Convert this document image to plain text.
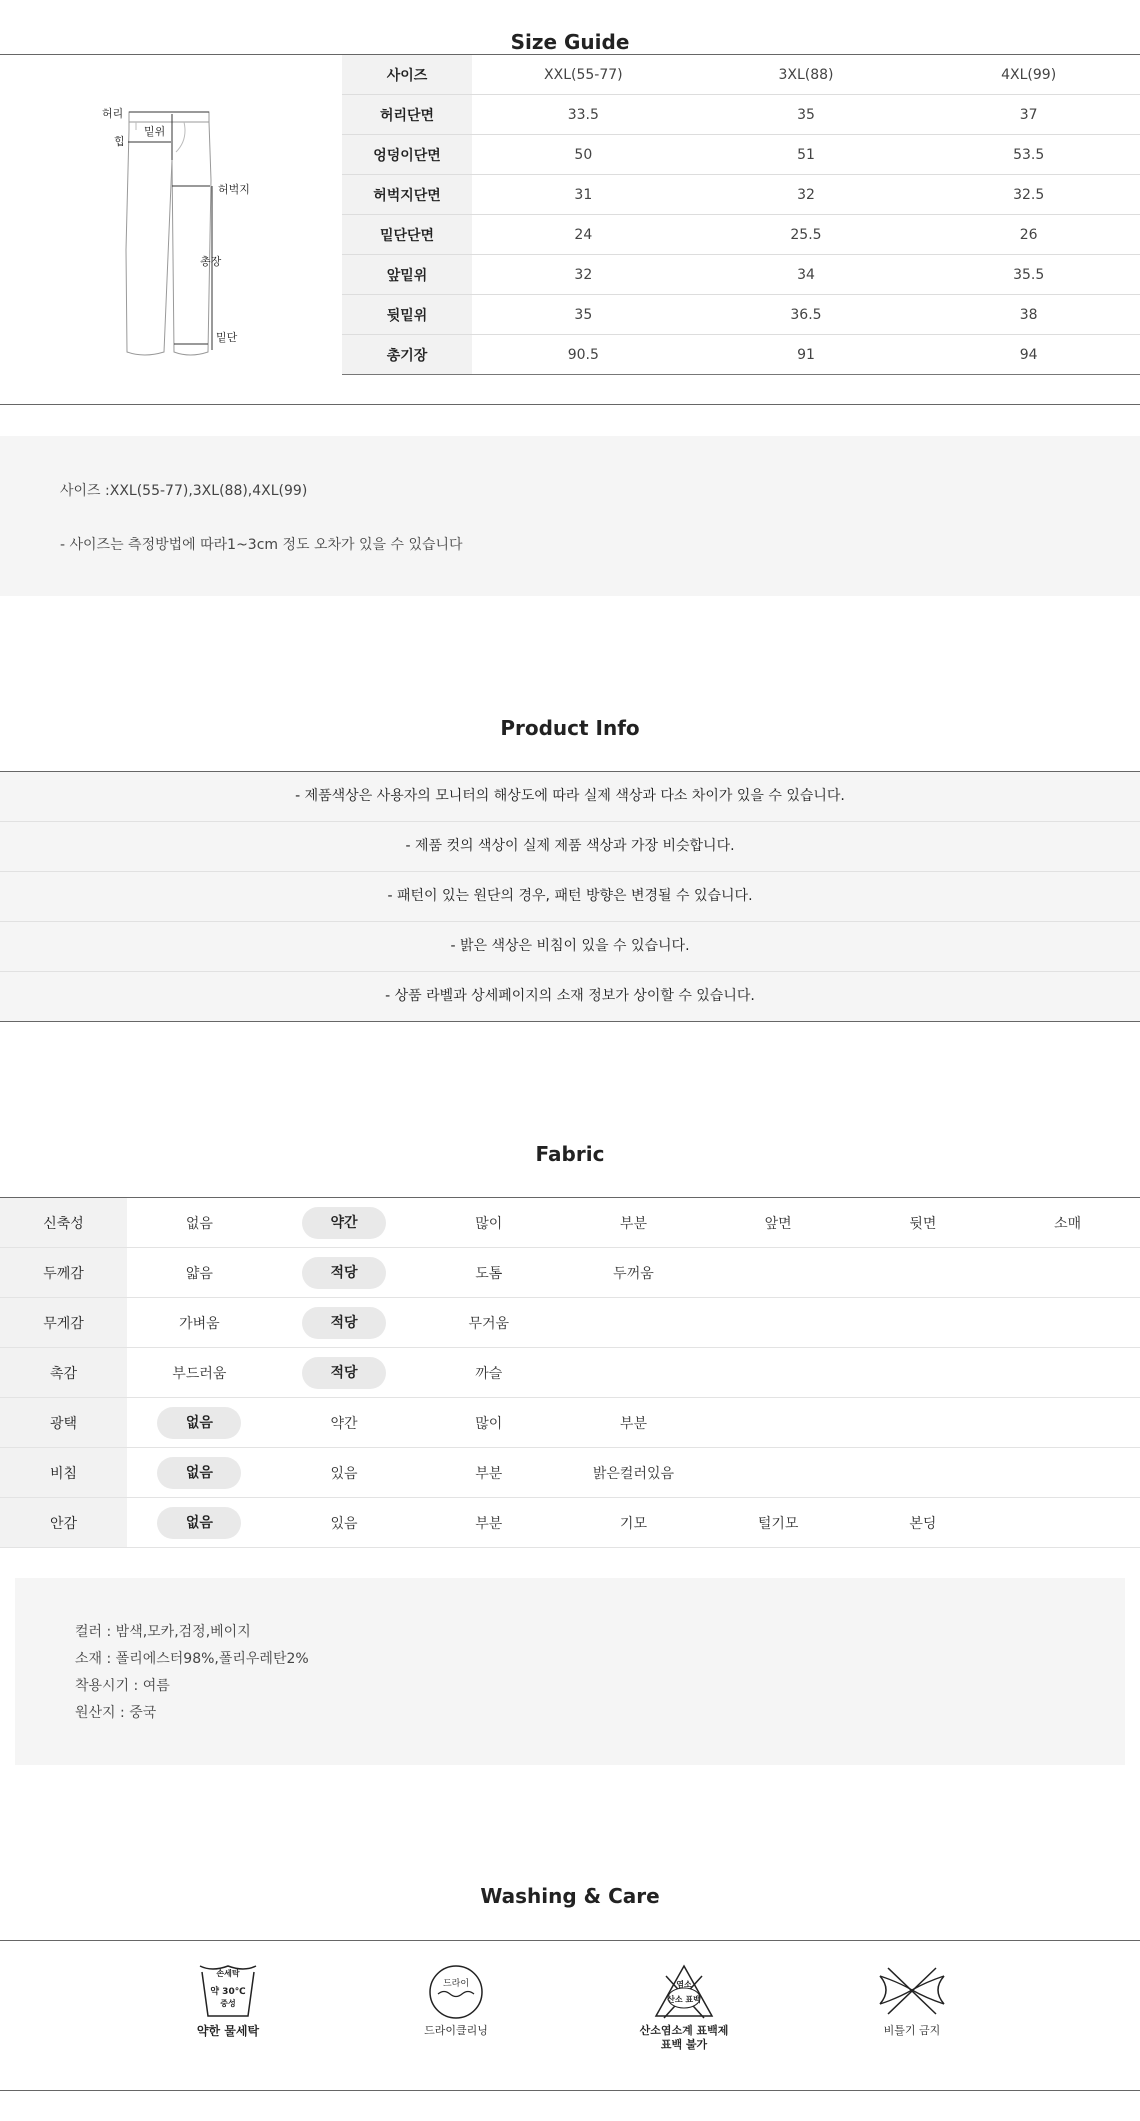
Size Guide
허리
힙
밑위
허벅지
총장
밑단
사이즈	XXL(55-77)	3XL(88)	4XL(99)
허리단면	33.5	35	37
엉덩이단면	50	51	53.5
허벅지단면	31	32	32.5
밑단단면	24	25.5	26
앞밑위	32	34	35.5
뒷밑위	35	36.5	38
총기장	90.5	91	94
사이즈 :XXL(55-77),3XL(88),4XL(99)
- 사이즈는 측정방법에 따라1~3cm 정도 오차가 있을 수 있습니다
Product Info
- 제품색상은 사용자의 모니터의 해상도에 따라 실제 색상과 다소 차이가 있을 수 있습니다.
- 제품 컷의 색상이 실제 제품 색상과 가장 비슷합니다.
- 패턴이 있는 원단의 경우, 패턴 방향은 변경될 수 있습니다.
- 밝은 색상은 비침이 있을 수 있습니다.
- 상품 라벨과 상세페이지의 소재 정보가 상이할 수 있습니다.
Fabric
신축성	없음	약간	많이	부분	앞면	뒷면	소매
두께감	얇음	적당	도톰	두꺼움			
무게감	가벼움	적당	무거움				
촉감	부드러움	적당	까슬				
광택	없음	약간	많이	부분			
비침	없음	있음	부분	밝은컬러있음			
안감	없음	있음	부분	기모	털기모	본딩	
컬러 : 밤색,모카,검정,베이지
소재 : 폴리에스터98%,폴리우레탄2%
착용시기 : 여름
원산지 : 중국
Washing & Care
손세탁
약 30℃
중성
약한 물세탁
드라이
드라이클리닝
염소
산소 표백
산소염소계 표백제
표백 불가
비틀기 금지
